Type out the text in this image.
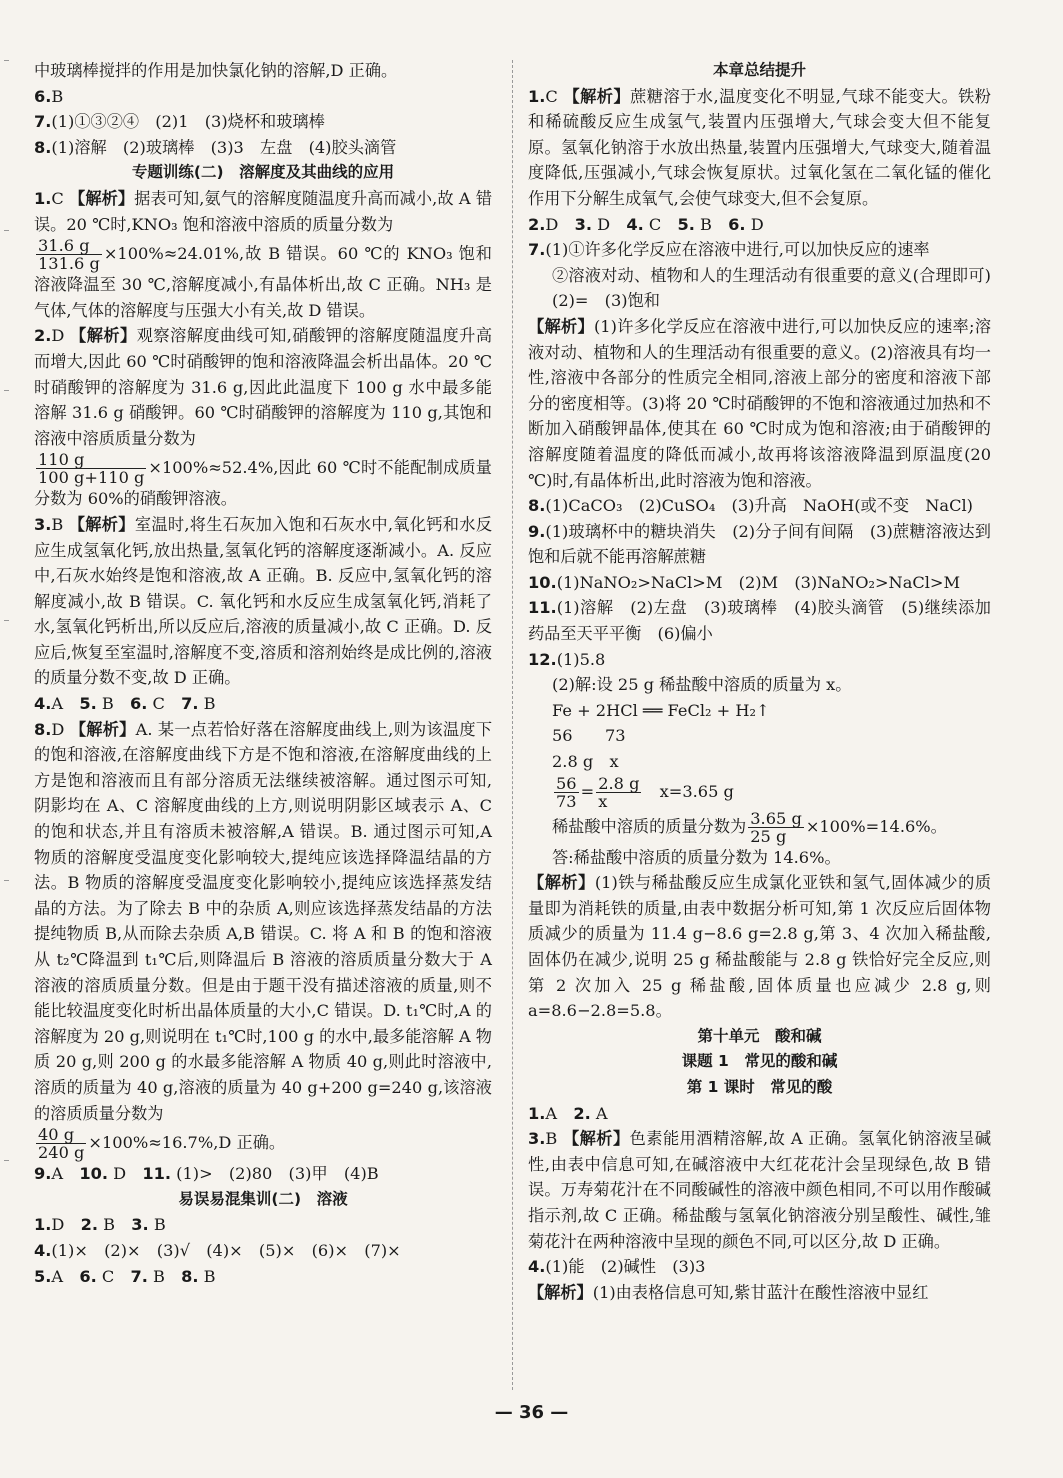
中玻璃棒搅拌的作用是加快氯化钠的溶解,D 正确。

6.B

7.(1)①③②④　(2)1　(3)烧杯和玻璃棒

8.(1)溶解　(2)玻璃棒　(3)3　左盘　(4)胶头滴管

专题训练(二)　溶解度及其曲线的应用

1.C 【解析】据表可知,氨气的溶解度随温度升高而减小,故 A 错误。20 ℃时,KNO₃ 饱和溶液中溶质的质量分数为

$\frac{31.6 g}{131.6 g} \times 100\%\approx 24.01\%$,故 B 错误。60 ℃的 KNO₃ 饱和溶液降温至 30 ℃,溶解度减小,有晶体析出,故 C 正确。NH₃ 是气体,气体的溶解度与压强大小有关,故 D 错误。

2.D 【解析】观察溶解度曲线可知,硝酸钾的溶解度随温度升高而增大,因此 60 ℃时硝酸钾的饱和溶液降温会析出晶体。20 ℃时硝酸钾的溶解度为 31.6 g,因此此温度下 100 g 水中最多能溶解 31.6 g 硝酸钾。60 ℃时硝酸钾的溶解度为 110 g,其饱和溶液中溶质质量分数为

$\frac{110 g}{100 g+110 g} \times 100\%\approx 52.4\%$,因此 60 ℃时不能配制成质量分数为 60%的硝酸钾溶液。

3.B 【解析】室温时,将生石灰加入饱和石灰水中,氧化钙和水反应生成氢氧化钙,放出热量,氢氧化钙的溶解度逐渐减小。A. 反应中,石灰水始终是饱和溶液,故 A 正确。B. 反应中,氢氧化钙的溶解度减小,故 B 错误。C. 氧化钙和水反应生成氢氧化钙,消耗了水,氢氧化钙析出,所以反应后,溶液的质量减小,故 C 正确。D. 反应后,恢复至室温时,溶解度不变,溶质和溶剂始终是成比例的,溶液的质量分数不变,故 D 正确。

4.A　5. B　6. C　7. B

8.D 【解析】A. 某一点若恰好落在溶解度曲线上,则为该温度下的饱和溶液,在溶解度曲线下方是不饱和溶液,在溶解度曲线的上方是饱和溶液而且有部分溶质无法继续被溶解。通过图示可知,阴影均在 A、C 溶解度曲线的上方,则说明阴影区域表示 A、C 的饱和状态,并且有溶质未被溶解,A 错误。B. 通过图示可知,A 物质的溶解度受温度变化影响较大,提纯应该选择降温结晶的方法。B 物质的溶解度受温度变化影响较小,提纯应该选择蒸发结晶的方法。为了除去 B 中的杂质 A,则应该选择蒸发结晶的方法提纯物质 B,从而除去杂质 A,B 错误。C. 将 A 和 B 的饱和溶液从 t₂℃降温到 t₁℃后,则降温后 B 溶液的溶质质量分数大于 A 溶液的溶质质量分数。但是由于题干没有描述溶液的质量,则不能比较温度变化时析出晶体质量的大小,C 错误。D. t₁℃时,A 的溶解度为 20 g,则说明在 t₁℃时,100 g 的水中,最多能溶解 A 物质 20 g,则 200 g 的水最多能溶解 A 物质 40 g,则此时溶液中,溶质的质量为 40 g,溶液的质量为 40 g+200 g=240 g,该溶液的溶质质量分数为

$\frac{40 g}{240 g} \times 100\%\approx 16.7\%,D$ 正确。

9.A　10. D　11. (1)>　(2)80　(3)甲　(4)B

易误易混集训(二)　溶液

1.D　2. B　3. B

4.(1)×　(2)×　(3)√　(4)×　(5)×　(6)×　(7)×

5.A　6. C　7. B　8. B

本章总结提升

1.C 【解析】蔗糖溶于水,温度变化不明显,气球不能变大。铁粉和稀硫酸反应生成氢气,装置内压强增大,气球会变大但不能复原。氢氧化钠溶于水放出热量,装置内压强增大,气球变大,随着温度降低,压强减小,气球会恢复原状。过氧化氢在二氧化锰的催化作用下分解生成氧气,会使气球变大,但不会复原。

2.D　3. D　4. C　5. B　6. D

7.(1)①许多化学反应在溶液中进行,可以加快反应的速率

②溶液对动、植物和人的生理活动有很重要的意义(合理即可)　(2)=　(3)饱和

【解析】(1)许多化学反应在溶液中进行,可以加快反应的速率;溶液对动、植物和人的生理活动有很重要的意义。(2)溶液具有均一性,溶液中各部分的性质完全相同,溶液上部分的密度和溶液下部分的密度相等。(3)将 20 ℃时硝酸钾的不饱和溶液通过加热和不断加入硝酸钾晶体,使其在 60 ℃时成为饱和溶液;由于硝酸钾的溶解度随着温度的降低而减小,故再将该溶液降温到原温度(20 ℃)时,有晶体析出,此时溶液为饱和溶液。

8.(1)CaCO₃　(2)CuSO₄　(3)升高　NaOH(或不变　NaCl)

9.(1)玻璃杯中的糖块消失　(2)分子间有间隔　(3)蔗糖溶液达到饱和后就不能再溶解蔗糖

10.(1)NaNO₂>NaCl>M　(2)M　(3)NaNO₂>NaCl>M

11.(1)溶解　(2)左盘　(3)玻璃棒　(4)胶头滴管　(5)继续添加药品至天平平衡　(6)偏小

12.(1)5.8

(2)解:设 25 g 稀盐酸中溶质的质量为 x。

Fe + 2HCl ══ FeCl₂ + H₂↑

56　　73

2.8 g　x

$\frac{56}{73} = \frac{2.8 g}{x}$ 　x=3.65 g

稀盐酸中溶质的质量分数为 $\frac{3.65 g}{25 g} \times 100\%=14.6\%$。

答:稀盐酸中溶质的质量分数为 14.6%。

【解析】(1)铁与稀盐酸反应生成氯化亚铁和氢气,固体减少的质量即为消耗铁的质量,由表中数据分析可知,第 1 次反应后固体物质减少的质量为 11.4 g−8.6 g=2.8 g,第 3、4 次加入稀盐酸,固体仍在减少,说明 25 g 稀盐酸能与 2.8 g 铁恰好完全反应,则第 2 次加入 25 g 稀盐酸,固体质量也应减少 2.8 g,则 a=8.6−2.8=5.8。

第十单元　酸和碱

课题 1　常见的酸和碱

第 1 课时　常见的酸

1.A　2. A

3.B 【解析】色素能用酒精溶解,故 A 正确。氢氧化钠溶液呈碱性,由表中信息可知,在碱溶液中大红花花汁会呈现绿色,故 B 错误。万寿菊花汁在不同酸碱性的溶液中颜色相同,不可以用作酸碱指示剂,故 C 正确。稀盐酸与氢氧化钠溶液分别呈酸性、碱性,雏菊花汁在两种溶液中呈现的颜色不同,可以区分,故 D 正确。

4.(1)能　(2)碱性　(3)3

【解析】(1)由表格信息可知,紫甘蓝汁在酸性溶液中显红

— 36 —
